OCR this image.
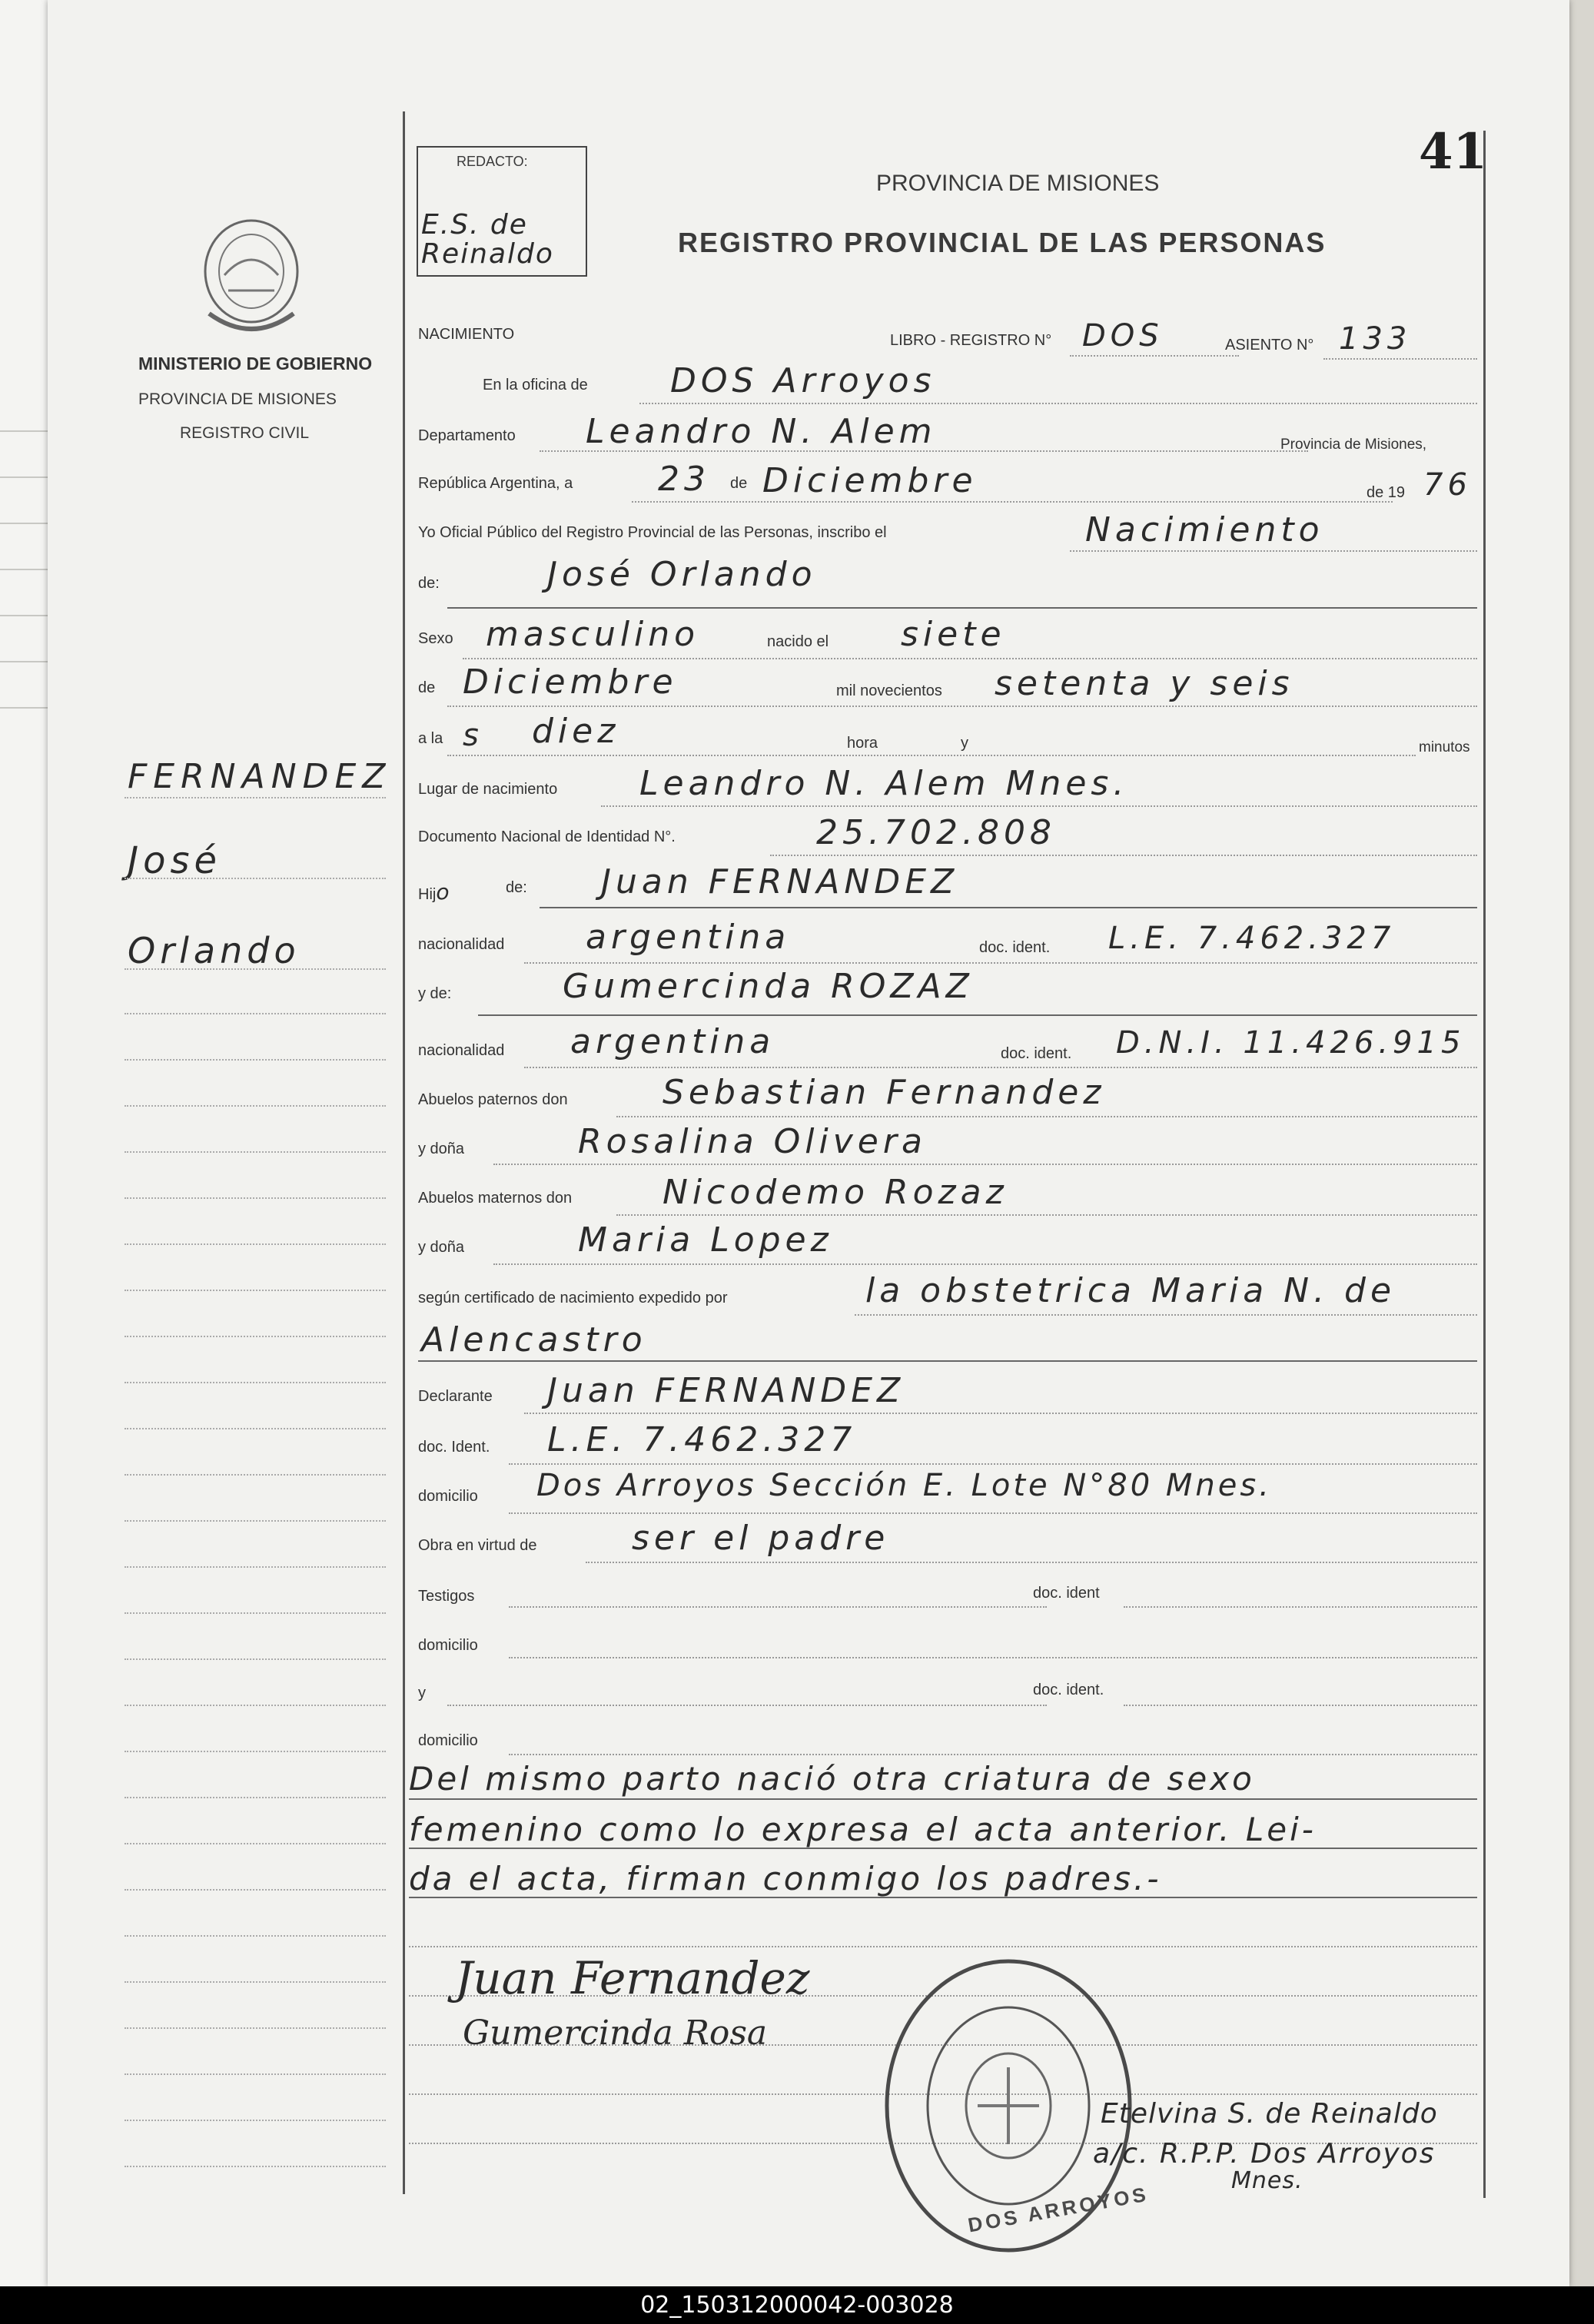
41
REDACTO:
E.S. de
Reinaldo
PROVINCIA DE MISIONES
REGISTRO PROVINCIAL DE LAS PERSONAS
MINISTERIO DE GOBIERNO
PROVINCIA DE MISIONES
REGISTRO CIVIL
FERNANDEZ
José
Orlando
NACIMIENTO	LIBRO - REGISTRO N° DOS	ASIENTO N° 133
En la oficina de DOS Arroyos
Departamento Leandro N. Alem	Provincia de Misiones,
República Argentina, a	23 de Diciembre	de 19 76
Yo Oficial Público del Registro Provincial de las Personas, inscribo el	Nacimiento
de:	José Orlando
Sexo masculino	nacido el siete
de Diciembre	mil novecientos setenta y seis
a la s diez	hora	y	minutos
Lugar de nacimiento Leandro N. Alem Mnes.
Documento Nacional de Identidad N°.	25.702.808
Hijo	de: Juan FERNANDEZ
nacionalidad argentina	doc. ident. L.E. 7.462.327
y de:	Gumercinda ROZAZ
nacionalidad argentina	doc. ident. D.N.I. 11.426.915
Abuelos paternos don	Sebastian Fernandez
y doña	Rosalina Olivera
Abuelos maternos don	Nicodemo Rozaz
y doña	Maria Lopez
según certificado de nacimiento expedido por	la obstetrica Maria N. de
Alencastro
Declarante Juan FERNANDEZ
doc. Ident. L.E. 7.462.327
domicilio Dos Arroyos Sección E. Lote N°80 Mnes.
Obra en virtud de	ser el padre
Testigos	doc. ident
domicilio
y	doc. ident.
domicilio
Del mismo parto nació otra criatura de sexo
femenino como lo expresa el acta anterior. Lei-
da el acta, firman conmigo los padres.-
Juan Fernandez
Gumercinda Rosa
DOS ARROYOS
Etelvina S. de Reinaldo
a/c. R.P.P. Dos Arroyos
Mnes.
02_150312000042-003028
